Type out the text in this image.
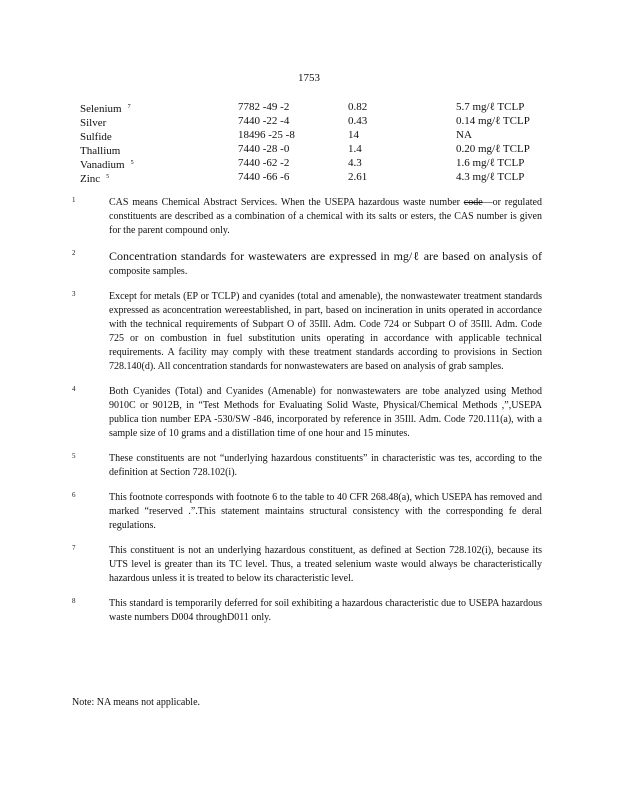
1753
Selenium $^7$	7782 -49 -2	0.82	5.7 mg/ℓ TCLP
Silver	7440 -22 -4	0.43	0.14 mg/ℓ TCLP
Sulfide	18496 -25 -8	14	NA
Thallium	7440 -28 -0	1.4	0.20 mg/ℓ TCLP
Vanadium $^5$	7440 -62 -2	4.3	1.6 mg/ℓ TCLP
Zinc $^5$	7440 -66 -6	2.61	4.3 mg/ℓ TCLP
1	CAS means Chemical Abstract Services. When the USEPA hazardous waste number code—or regulated constituents are described as a combination of a chemical with its salts or esters, the CAS number is given for the parent compound only.
2	Concentration standards for wastewaters are expressed in mg/ℓ are based on analysis of composite samples.
3	Except for metals (EP or TCLP) and cyanides (total and amenable), the nonwastewater treatment standards expressed as aconcentration wereestablished, in part, based on incineration in units operated in accordance with the technical requirements of Subpart O of 35Ill. Adm. Code 724 or Subpart O of 35Ill. Adm. Code 725 or on combustion in fuel substitution units operating in accordance with applicable technical requirements. A facility may comply with these treatment standards according to provisions in Section 728.140(d). All concentration standards for nonwastewaters are based on analysis of grab samples.
4	Both Cyanides (Total) and Cyanides (Amenable) for nonwastewaters are tobe analyzed using Method 9010C or 9012B, in “Test Methods for Evaluating Solid Waste, Physical/Chemical Methods ,”,USEPA publica tion number EPA -530/SW -846, incorporated by reference in 35Ill. Adm. Code 720.111(a), with a sample size of 10 grams and a distillation time of one hour and 15 minutes.
5	These constituents are not “underlying hazardous constituents” in characteristic was tes, according to the definition at Section 728.102(i).
6	This footnote corresponds with footnote 6 to the table to 40 CFR 268.48(a), which USEPA has removed and marked “reserved .”.This statement maintains structural consistency with the corresponding fe deral regulations.
7	This constituent is not an underlying hazardous constituent, as defined at Section 728.102(i), because its UTS level is greater than its TC level. Thus, a treated selenium waste would always be characteristically hazardous unless it is treated to below its characteristic level.
8	This standard is temporarily deferred for soil exhibiting a hazardous characteristic due to USEPA hazardous waste numbers D004 throughD011 only.
Note: NA means not applicable.
